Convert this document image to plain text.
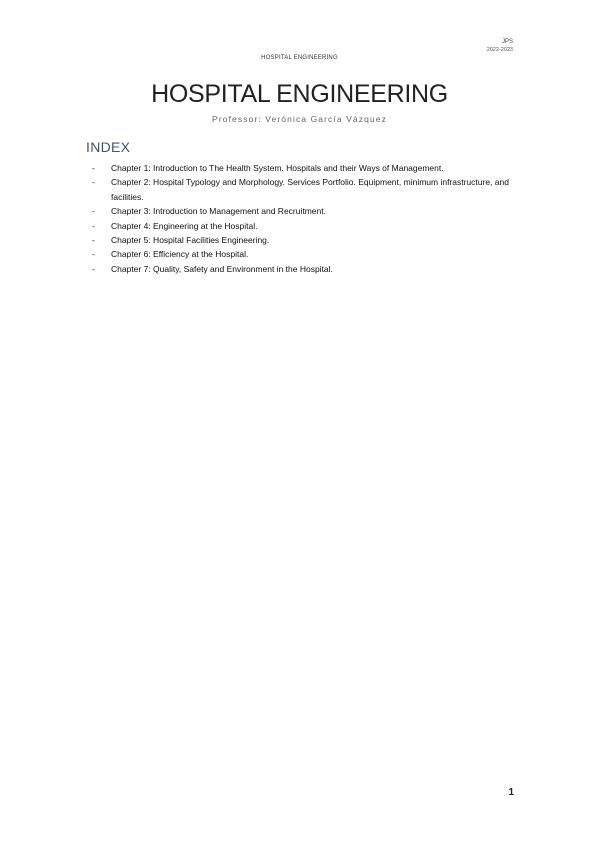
JPS
2022-2023
HOSPITAL ENGINEERING
HOSPITAL ENGINEERING
Professor: Verónica García Vázquez
INDEX
- Chapter 1: Introduction to The Health System. Hospitals and their Ways of Management.
- Chapter 2: Hospital Typology and Morphology. Services Portfolio. Equipment, minimum infrastructure, and facilities.
- Chapter 3: Introduction to Management and Recruitment.
- Chapter 4: Engineering at the Hospital.
- Chapter 5: Hospital Facilities Engineering.
- Chapter 6: Efficiency at the Hospital.
- Chapter 7: Quality, Safety and Environment in the Hospital.
1
